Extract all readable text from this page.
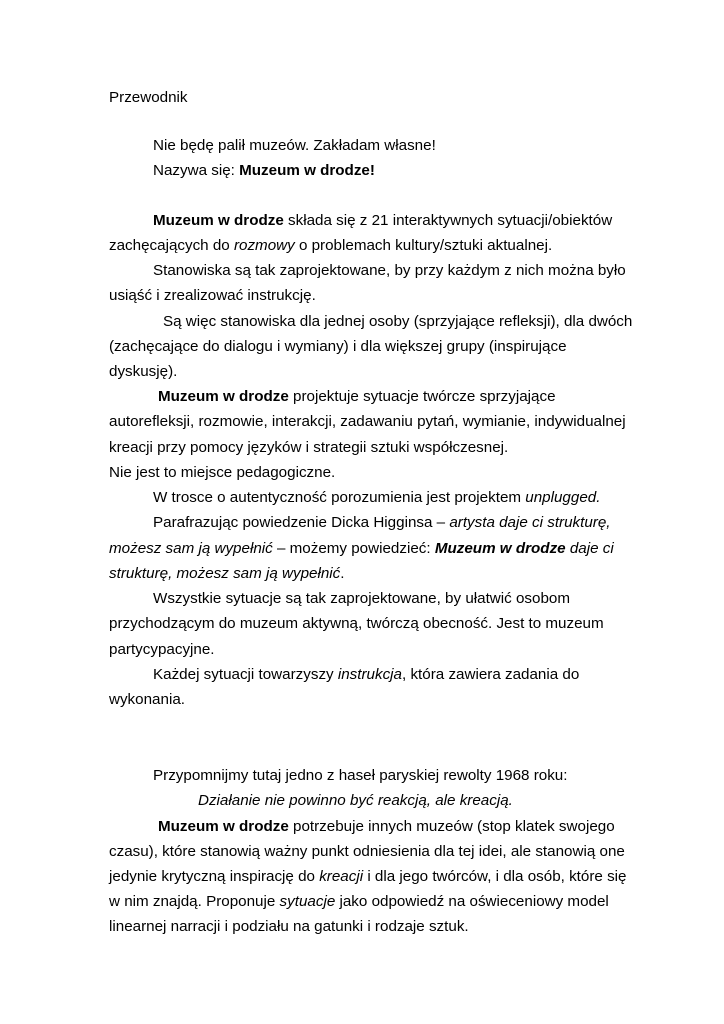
Przewodnik
Nie będę palił muzeów. Zakładam własne!
Nazywa się: Muzeum w drodze!
Muzeum w drodze składa się z 21 interaktywnych sytuacji/obiektów
zachęcających do rozmowy o problemach kultury/sztuki aktualnej.
Stanowiska są tak zaprojektowane, by przy każdym z nich można było
usiąść i zrealizować instrukcję.
Są więc stanowiska dla jednej osoby (sprzyjające refleksji), dla dwóch
(zachęcające do dialogu i wymiany) i dla większej grupy (inspirujące
dyskusję).
Muzeum w drodze projektuje sytuacje twórcze sprzyjające
autorefleksji, rozmowie, interakcji, zadawaniu pytań, wymianie, indywidualnej
kreacji przy pomocy języków i strategii sztuki współczesnej.
Nie jest to miejsce pedagogiczne.
W trosce o autentyczność porozumienia jest projektem unplugged.
Parafrazując powiedzenie Dicka Higginsa – artysta daje ci strukturę,
możesz sam ją wypełnić – możemy powiedzieć: Muzeum w drodze daje ci
strukturę, możesz sam ją wypełnić.
Wszystkie sytuacje są tak zaprojektowane, by ułatwić osobom
przychodzącym do muzeum aktywną, twórczą obecność. Jest to muzeum
partycypacyjne.
Każdej sytuacji towarzyszy instrukcja, która zawiera zadania do
wykonania.
Przypomnijmy tutaj jedno z haseł paryskiej rewolty 1968 roku:
Działanie nie powinno być reakcją, ale kreacją.
Muzeum w drodze potrzebuje innych muzeów (stop klatek swojego
czasu), które stanowią ważny punkt odniesienia dla tej idei, ale stanowią one
jedynie krytyczną inspirację do kreacji i dla jego twórców, i dla osób, które się
w nim znajdą. Proponuje sytuacje jako odpowiedź na oświeceniowy model
linearnej narracji i podziału na gatunki i rodzaje sztuk.
